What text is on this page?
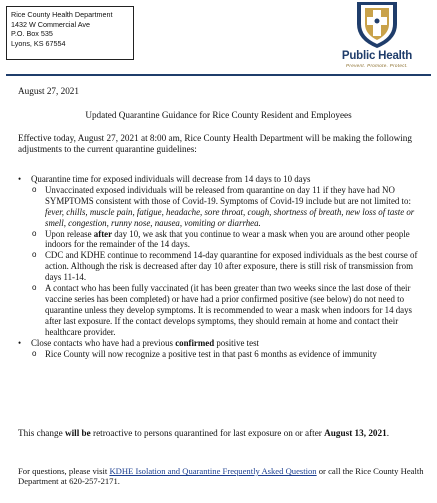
Rice County Health Department
1432 W Commercial Ave
P.O. Box 535
Lyons, KS 67554
Public Health
Prevent. Promote. Protect.
August 27, 2021
Updated Quarantine Guidance for Rice County Resident and Employees
Effective today, August 27, 2021 at 8:00 am, Rice County Health Department will be making the following adjustments to the current quarantine guidelines:
• Quarantine time for exposed individuals will decrease from 14 days to 10 days
o Unvaccinated exposed individuals will be released from quarantine on day 11 if they have had NO SYMPTOMS consistent with those of Covid-19. Symptoms of Covid-19 include but are not limited to: fever, chills, muscle pain, fatigue, headache, sore throat, cough, shortness of breath, new loss of taste or smell, congestion, runny nose, nausea, vomiting or diarrhea.
o Upon release after day 10, we ask that you continue to wear a mask when you are around other people indoors for the remainder of the 14 days.
o CDC and KDHE continue to recommend 14-day quarantine for exposed individuals as the best course of action. Although the risk is decreased after day 10 after exposure, there is still risk of transmission from days 11-14.
o A contact who has been fully vaccinated (it has been greater than two weeks since the last dose of their vaccine series has been completed) or have had a prior confirmed positive (see below) do not need to quarantine unless they develop symptoms. It is recommended to wear a mask when indoors for 14 days after last exposure. If the contact develops symptoms, they should remain at home and contact their healthcare provider.
• Close contacts who have had a previous confirmed positive test
o Rice County will now recognize a positive test in that past 6 months as evidence of immunity
This change will be retroactive to persons quarantined for last exposure on or after August 13, 2021.
For questions, please visit KDHE Isolation and Quarantine Frequently Asked Question or call the Rice County Health Department at 620-257-2171.
